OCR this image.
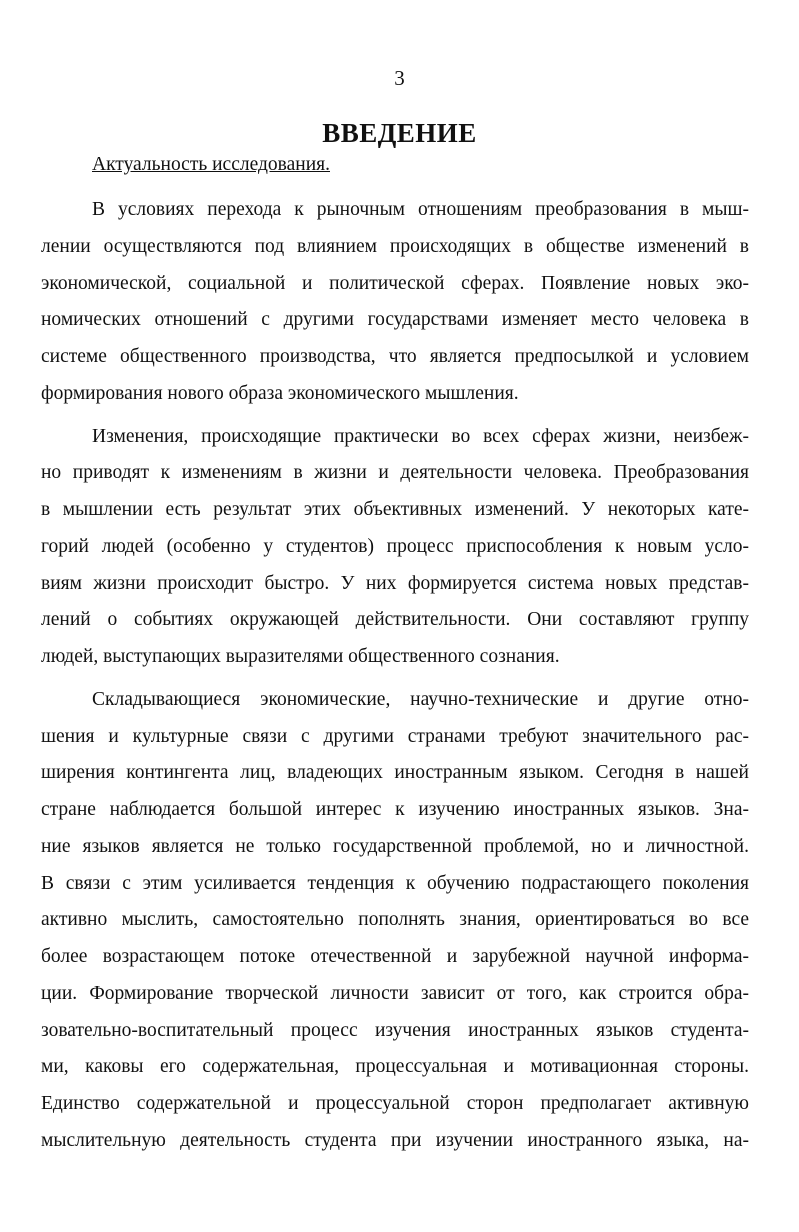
3
ВВЕДЕНИЕ
Актуальность исследования.
В условиях перехода к рыночным отношениям преобразования в мыш-
лении осуществляются под влиянием происходящих в обществе изменений в
экономической, социальной и политической сферах. Появление новых эко-
номических отношений с другими государствами изменяет место человека в
системе общественного производства, что является предпосылкой и условием
формирования нового образа экономического мышления.
Изменения, происходящие практически во всех сферах жизни, неизбеж-
но приводят к изменениям в жизни и деятельности человека. Преобразования
в мышлении есть результат этих объективных изменений. У некоторых кате-
горий людей (особенно у студентов) процесс приспособления к новым усло-
виям жизни происходит быстро. У них формируется система новых представ-
лений о событиях окружающей действительности. Они составляют группу
людей, выступающих выразителями общественного сознания.
Складывающиеся экономические, научно-технические и другие отно-
шения и культурные связи с другими странами требуют значительного рас-
ширения контингента лиц, владеющих иностранным языком. Сегодня в нашей
стране наблюдается большой интерес к изучению иностранных языков. Зна-
ние языков является не только государственной проблемой, но и личностной.
В связи с этим усиливается тенденция к обучению подрастающего поколения
активно мыслить, самостоятельно пополнять знания, ориентироваться во все
более возрастающем потоке отечественной и зарубежной научной информа-
ции. Формирование творческой личности зависит от того, как строится обра-
зовательно-воспитательный процесс изучения иностранных языков студента-
ми, каковы его содержательная, процессуальная и мотивационная стороны.
Единство содержательной и процессуальной сторон предполагает активную
мыслительную деятельность студента при изучении иностранного языка, на-
